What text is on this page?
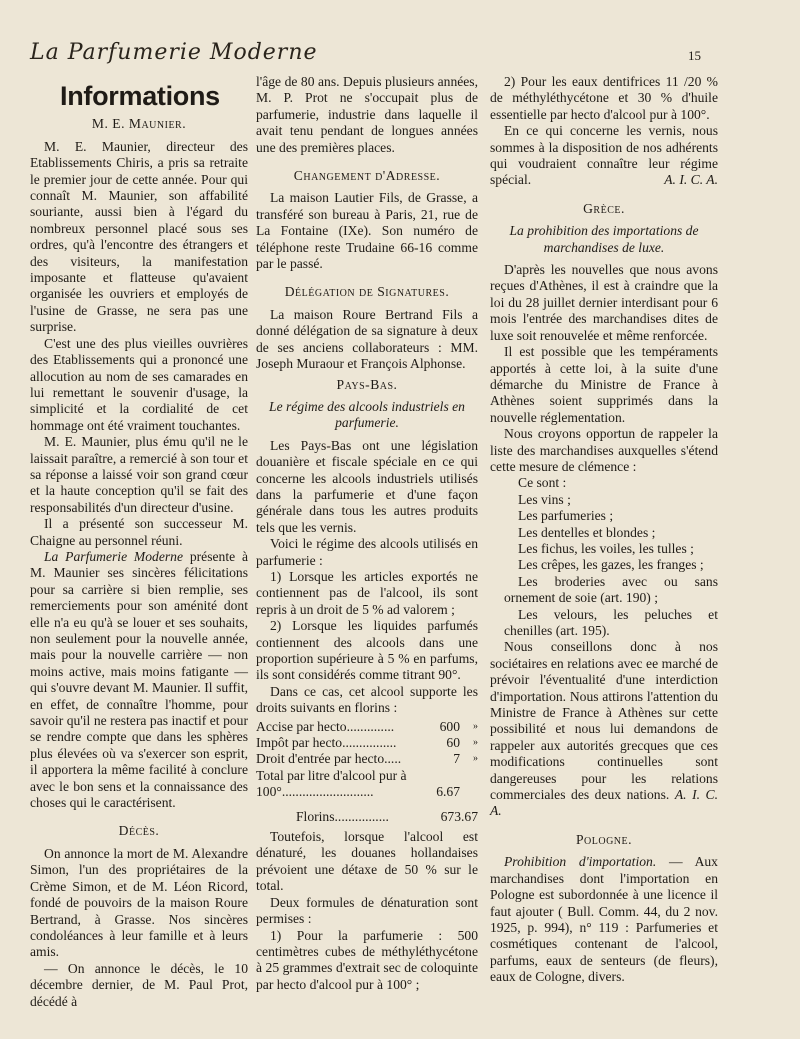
La Parfumerie Moderne	15
Informations
M. E. Maunier.

M. E. Maunier, directeur des Etablissements Chiris, a pris sa retraite le premier jour de cette année. Pour qui connaît M. Maunier, son affabilité souriante, aussi bien à l'égard du nombreux personnel placé sous ses ordres, qu'à l'encontre des étrangers et des visiteurs, la manifestation imposante et flatteuse qu'avaient organisée les ouvriers et employés de l'usine de Grasse, ne sera pas une surprise.

C'est une des plus vieilles ouvrières des Etablissements qui a prononcé une allocution au nom de ses camarades en lui remettant le souvenir d'usage, la simplicité et la cordialité de cet hommage ont été vraiment touchantes.

M. E. Maunier, plus ému qu'il ne le laissait paraître, a remercié à son tour et sa réponse a laissé voir son grand cœur et la haute conception qu'il se fait des responsabilités d'un directeur d'usine.

Il a présenté son successeur M. Chaigne au personnel réuni.

La Parfumerie Moderne présente à M. Maunier ses sincères félicitations pour sa carrière si bien remplie, ses remerciements pour son aménité dont elle n'a eu qu'à se louer et ses souhaits, non seulement pour la nouvelle année, mais pour la nouvelle carrière — non moins active, mais moins fatigante — qui s'ouvre devant M. Maunier. Il suffit, en effet, de connaître l'homme, pour savoir qu'il ne restera pas inactif et pour se rendre compte que dans les sphères plus élevées où va s'exercer son esprit, il apportera la même facilité à conclure avec le bon sens et la connaissance des choses qui le caractérisent.

Décès.

On annonce la mort de M. Alexandre Simon, l'un des propriétaires de la Crème Simon, et de M. Léon Ricord, fondé de pouvoirs de la maison Roure Bertrand, à Grasse. Nos sincères condoléances à leur famille et à leurs amis.

— On annonce le décès, le 10 décembre dernier, de M. Paul Prot, décédé à

l'âge de 80 ans. Depuis plusieurs années, M. P. Prot ne s'occupait plus de parfumerie, industrie dans laquelle il avait tenu pendant de longues années une des premières places.

Changement d'Adresse.

La maison Lautier Fils, de Grasse, a transféré son bureau à Paris, 21, rue de La Fontaine (IXe). Son numéro de téléphone reste Trudaine 66-16 comme par le passé.

Délégation de Signatures.

La maison Roure Bertrand Fils a donné délégation de sa signature à deux de ses anciens collaborateurs : MM. Joseph Muraour et François Alphonse.

Pays-Bas.
Le régime des alcools industriels en parfumerie.

Les Pays-Bas ont une législation douanière et fiscale spéciale en ce qui concerne les alcools industriels utilisés dans la parfumerie et d'une façon générale dans tous les autres produits tels que les vernis.

Voici le régime des alcools utilisés en parfumerie :

1) Lorsque les articles exportés ne contiennent pas de l'alcool, ils sont repris à un droit de 5 % ad valorem ;

2) Lorsque les liquides parfumés contiennent des alcools dans une proportion supérieure à 5 % en parfums, ils sont considérés comme titrant 90°.

Dans ce cas, cet alcool supporte les droits suivants en florins :

Accise par hecto..............	600	»
Impôt par hecto................	60	»
Droit d'entrée par hecto.....	7	»
Total par litre d'alcool pur à 100°...........................	6.67	
Florins................	673.67

Toutefois, lorsque l'alcool est dénaturé, les douanes hollandaises prévoient une détaxe de 50 % sur le total.

Deux formules de dénaturation sont permises :

1) Pour la parfumerie : 500 centimètres cubes de méthyléthycétone à 25 grammes d'extrait sec de coloquinte par hecto d'alcool pur à 100° ;

2) Pour les eaux dentifrices 11 /20 % de méthyléthycétone et 30 % d'huile essentielle par hecto d'alcool pur à 100°.

En ce qui concerne les vernis, nous sommes à la disposition de nos adhérents qui voudraient connaître leur régime spécial.	A. I. C. A.

Grèce.
La prohibition des importations de marchandises de luxe.

D'après les nouvelles que nous avons reçues d'Athènes, il est à craindre que la loi du 28 juillet dernier interdisant pour 6 mois l'entrée des marchandises dites de luxe soit renouvelée et même renforcée.

Il est possible que les tempéraments apportés à cette loi, à la suite d'une démarche du Ministre de France à Athènes soient supprimés dans la nouvelle réglementation.

Nous croyons opportun de rappeler la liste des marchandises auxquelles s'étend cette mesure de clémence :

Ce sont :

Les vins ;

Les parfumeries ;

Les dentelles et blondes ;

Les fichus, les voiles, les tulles ;

Les crêpes, les gazes, les franges ;

Les broderies avec ou sans ornement de soie (art. 190) ;

Les velours, les peluches et chenilles (art. 195).

Nous conseillons donc à nos sociétaires en relations avec ee marché de prévoir l'éventualité d'une interdiction d'importation. Nous attirons l'attention du Ministre de France à Athènes sur cette possibilité et nous lui demandons de rappeler aux autorités grecques que ces modifications continuelles sont dangereuses pour les relations commerciales des deux nations. A. I. C. A.

Pologne.

Prohibition d'importation. — Aux marchandises dont l'importation en Pologne est subordonnée à une licence il faut ajouter ( Bull. Comm. 44, du 2 nov. 1925, p. 994), n° 119 : Parfumeries et cosmétiques contenant de l'alcool, parfums, eaux de senteurs (de fleurs), eaux de Cologne, divers.
